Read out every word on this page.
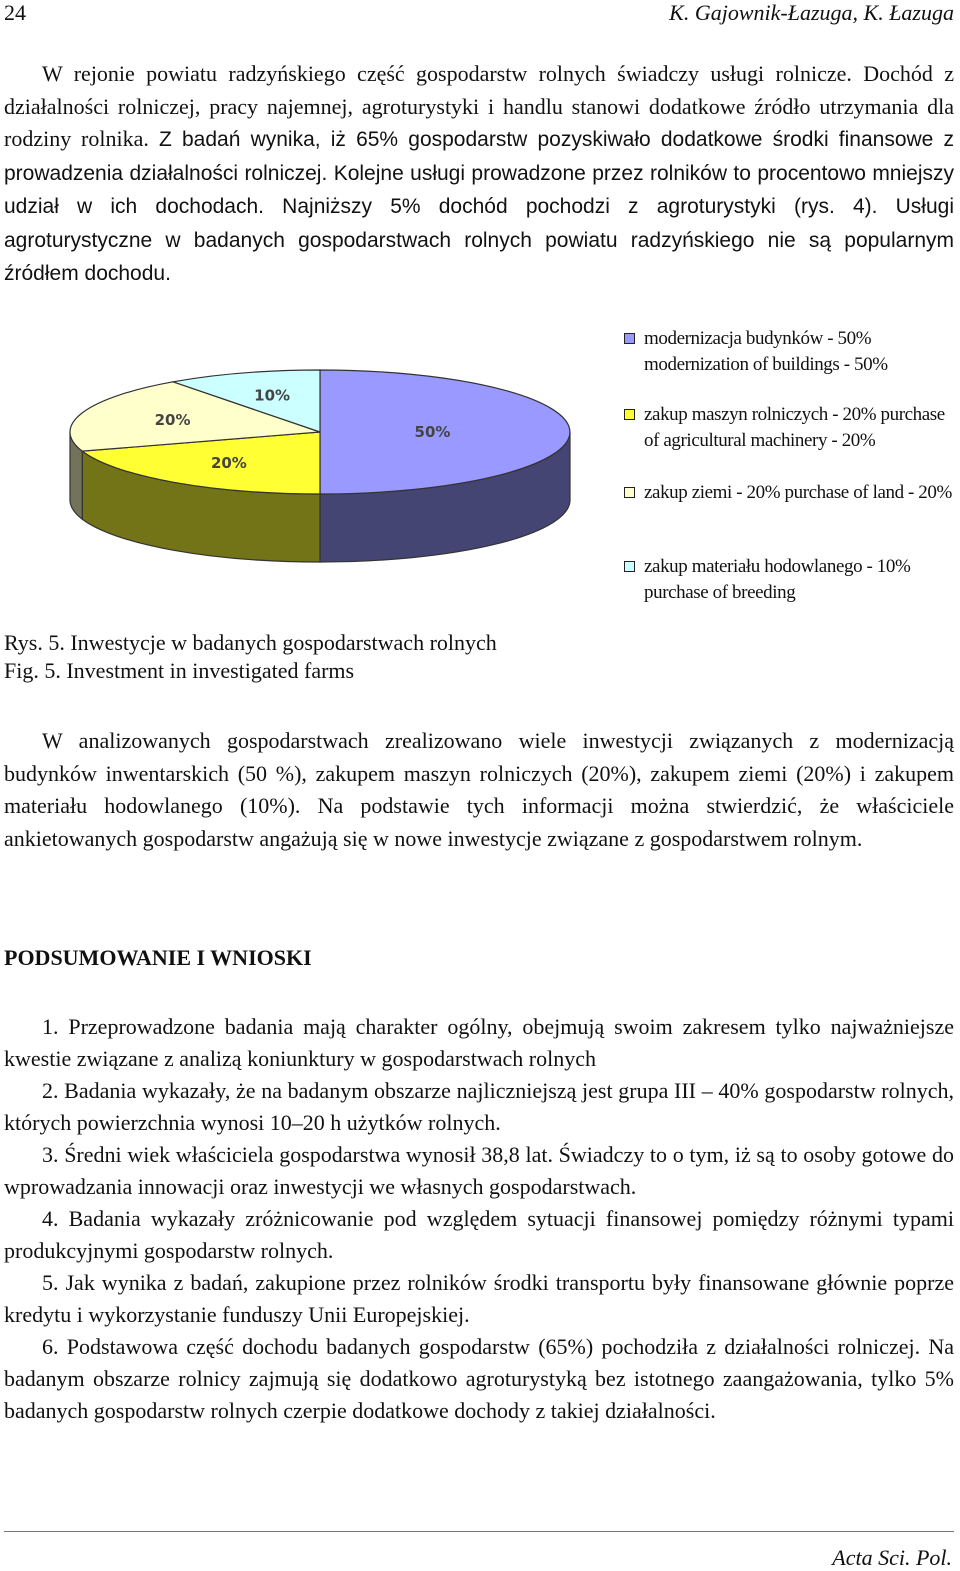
24	K. Gajownik-Łazuga, K. Łazuga

W rejonie powiatu radzyńskiego część gospodarstw rolnych świadczy usługi rolnicze. Dochód z działalności rolniczej, pracy najemnej, agroturystyki i handlu stanowi dodatkowe źródło utrzymania dla rodziny rolnika. Z badań wynika, iż 65% gospodarstw pozyskiwało dodatkowe środki finansowe z prowadzenia działalności rolniczej. Kolejne usługi prowadzone przez rolników to procentowo mniejszy udział w ich dochodach. Najniższy 5% dochód pochodzi z agroturystyki (rys. 4). Usługi agroturystyczne w badanych gospodarstwach rolnych powiatu radzyńskiego nie są popularnym źródłem dochodu.

50%
20%
20%
10%
modernizacja budynków - 50% modernization of buildings - 50%
zakup maszyn rolniczych - 20% purchase of agricultural machinery - 20%
zakup ziemi - 20% purchase of land - 20%
zakup materiału hodowlanego - 10% purchase of breeding
Rys. 5. Inwestycje w badanych gospodarstwach rolnych
Fig. 5. Investment in investigated farms

W analizowanych gospodarstwach zrealizowano wiele inwestycji związanych z modernizacją budynków inwentarskich (50 %), zakupem maszyn rolniczych (20%), zakupem ziemi (20%) i zakupem materiału hodowlanego (10%). Na podstawie tych informacji można stwierdzić, że właściciele ankietowanych gospodarstw angażują się w nowe inwestycje związane z gospodarstwem rolnym.

PODSUMOWANIE I WNIOSKI
1. Przeprowadzone badania mają charakter ogólny, obejmują swoim zakresem tylko najważniejsze kwestie związane z analizą koniunktury w gospodarstwach rolnych
2. Badania wykazały, że na badanym obszarze najliczniejszą jest grupa III – 40% gospodarstw rolnych, których powierzchnia wynosi 10–20 h użytków rolnych.
3. Średni wiek właściciela gospodarstwa wynosił 38,8 lat. Świadczy to o tym, iż są to osoby gotowe do wprowadzania innowacji oraz inwestycji we własnych gospodarstwach.
4. Badania wykazały zróżnicowanie pod względem sytuacji finansowej pomiędzy różnymi typami produkcyjnymi gospodarstw rolnych.
5. Jak wynika z badań, zakupione przez rolników środki transportu były finansowane głównie poprze kredytu i wykorzystanie funduszy Unii Europejskiej.
6. Podstawowa część dochodu badanych gospodarstw (65%) pochodziła z działalności rolniczej. Na badanym obszarze rolnicy zajmują się dodatkowo agroturystyką bez istotnego zaangażowania, tylko 5% badanych gospodarstw rolnych czerpie dodatkowe dochody z takiej działalności.
Acta Sci. Pol.
